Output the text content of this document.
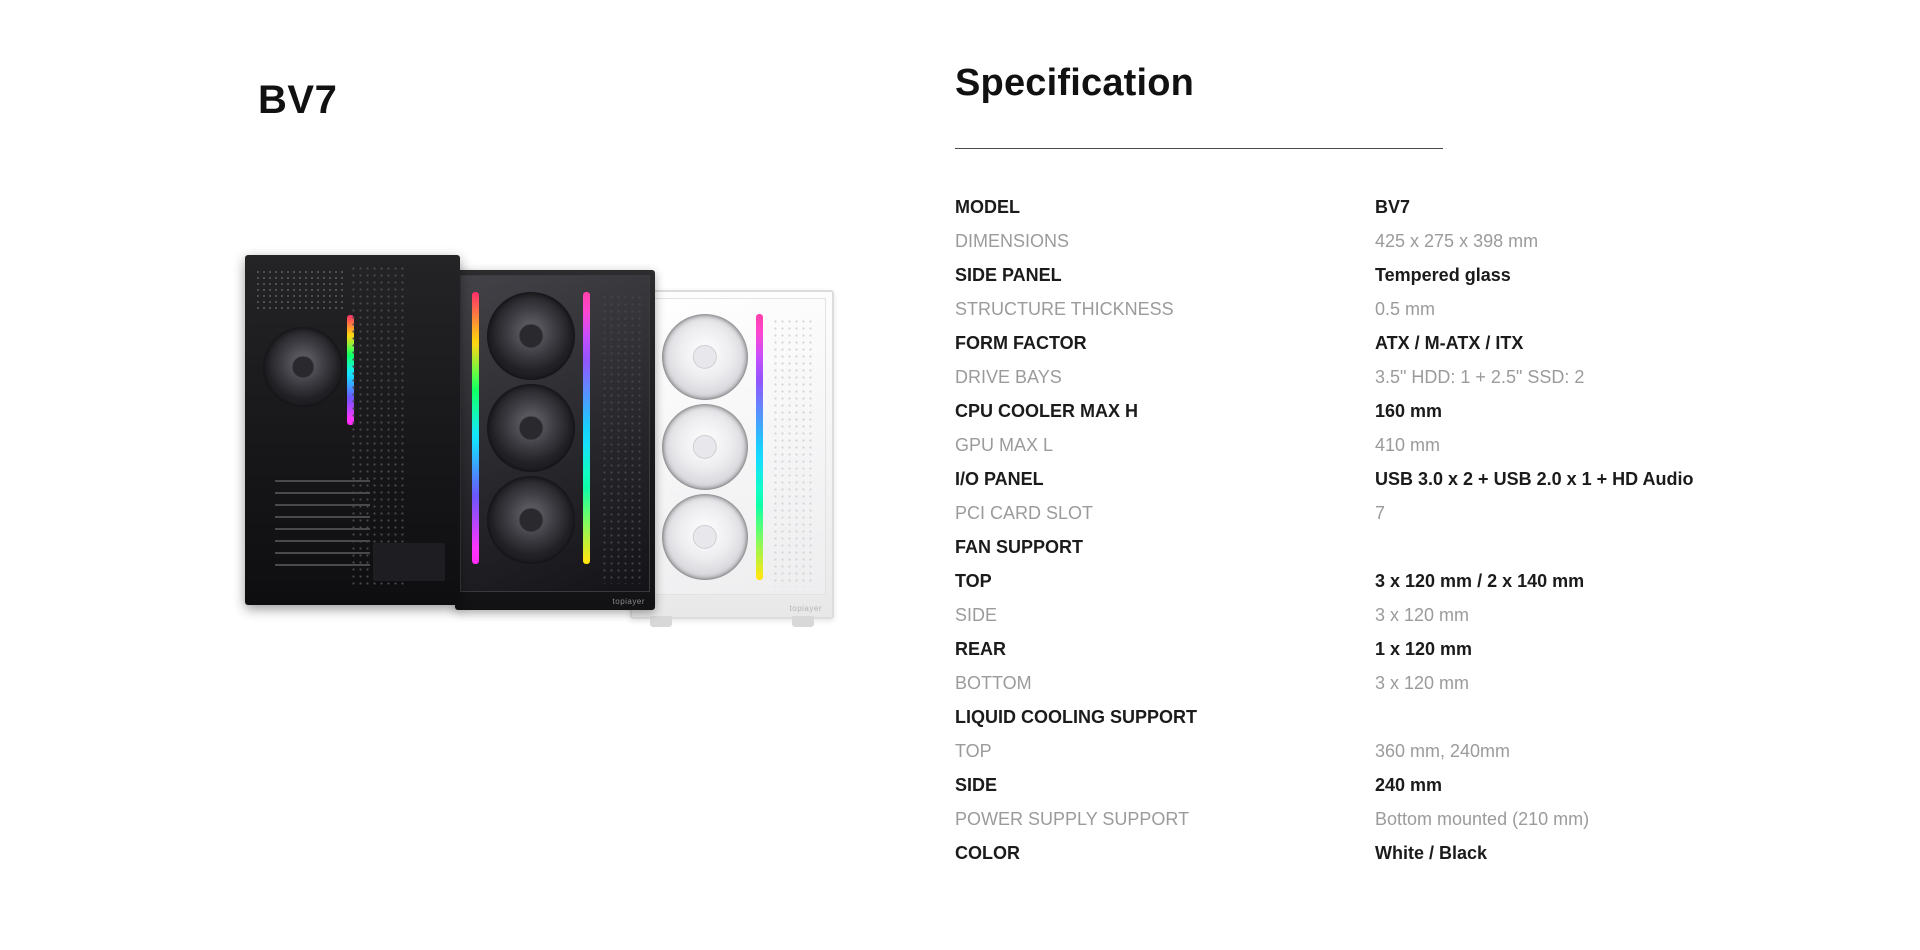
BV7
topiayer
topiayer
Specification
MODEL	BV7
DIMENSIONS	425 x 275 x 398 mm
SIDE PANEL	Tempered glass
STRUCTURE THICKNESS	0.5 mm
FORM FACTOR	ATX / M-ATX / ITX
DRIVE BAYS	3.5" HDD: 1 + 2.5" SSD: 2
CPU COOLER MAX H	160 mm
GPU MAX L	410 mm
I/O PANEL	USB 3.0 x 2 + USB 2.0 x 1 + HD Audio
PCI CARD SLOT	7
FAN SUPPORT	
TOP	3 x 120 mm / 2 x 140 mm
SIDE	3 x 120 mm
REAR	1 x 120 mm
BOTTOM	3 x 120 mm
LIQUID COOLING SUPPORT	
TOP	360 mm, 240mm
SIDE	240 mm
POWER SUPPLY SUPPORT	Bottom mounted (210 mm)
COLOR	White / Black
